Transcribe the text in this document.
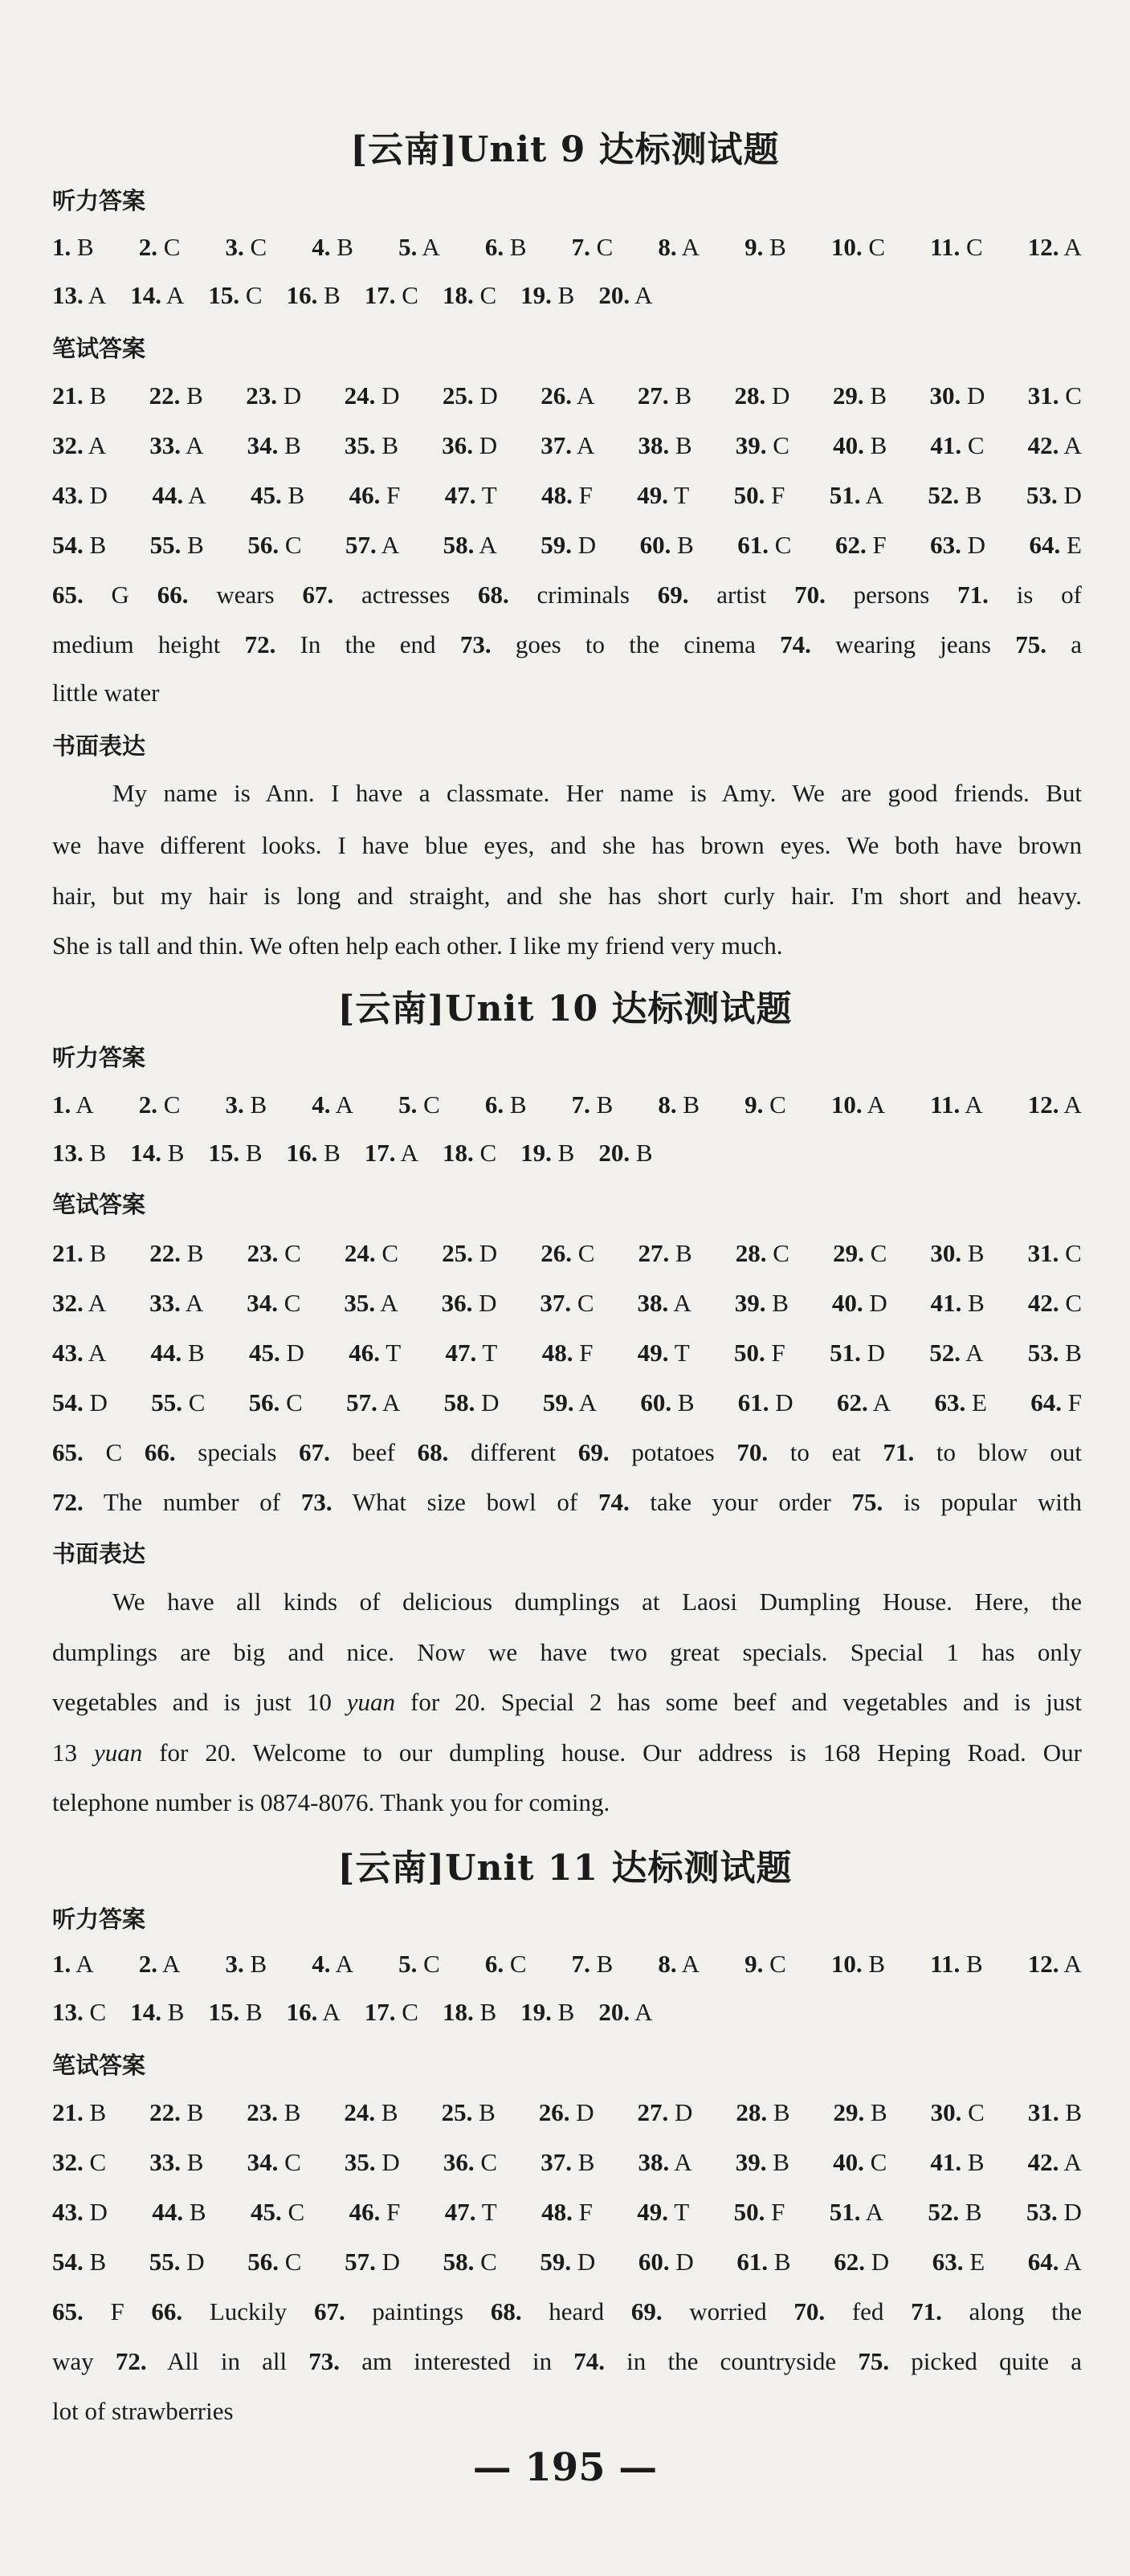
[云南]Unit 9 达标测试题
听力答案
1. B 2. C 3. C 4. B 5. A 6. B 7. C 8. A 9. B 10. C 11. C 12. A
13. A 14. A 15. C 16. B 17. C 18. C 19. B 20. A
笔试答案
21. B 22. B 23. D 24. D 25. D 26. A 27. B 28. D 29. B 30. D 31. C
32. A 33. A 34. B 35. B 36. D 37. A 38. B 39. C 40. B 41. C 42. A
43. D 44. A 45. B 46. F 47. T 48. F 49. T 50. F 51. A 52. B 53. D
54. B 55. B 56. C 57. A 58. A 59. D 60. B 61. C 62. F 63. D 64. E
65. G 66. wears 67. actresses 68. criminals 69. artist 70. persons 71. is of
medium height 72. In the end 73. goes to the cinema 74. wearing jeans 75. a
little water
书面表达
My name is Ann. I have a classmate. Her name is Amy. We are good friends. But
we have different looks. I have blue eyes, and she has brown eyes. We both have brown
hair, but my hair is long and straight, and she has short curly hair. I'm short and heavy.
She is tall and thin. We often help each other. I like my friend very much.
[云南]Unit 10 达标测试题
听力答案
1. A 2. C 3. B 4. A 5. C 6. B 7. B 8. B 9. C 10. A 11. A 12. A
13. B 14. B 15. B 16. B 17. A 18. C 19. B 20. B
笔试答案
21. B 22. B 23. C 24. C 25. D 26. C 27. B 28. C 29. C 30. B 31. C
32. A 33. A 34. C 35. A 36. D 37. C 38. A 39. B 40. D 41. B 42. C
43. A 44. B 45. D 46. T 47. T 48. F 49. T 50. F 51. D 52. A 53. B
54. D 55. C 56. C 57. A 58. D 59. A 60. B 61. D 62. A 63. E 64. F
65. C 66. specials 67. beef 68. different 69. potatoes 70. to eat 71. to blow out
72. The number of 73. What size bowl of 74. take your order 75. is popular with
书面表达
We have all kinds of delicious dumplings at Laosi Dumpling House. Here, the
dumplings are big and nice. Now we have two great specials. Special 1 has only
vegetables and is just 10 yuan for 20. Special 2 has some beef and vegetables and is just
13 yuan for 20. Welcome to our dumpling house. Our address is 168 Heping Road. Our
telephone number is 0874-8076. Thank you for coming.
[云南]Unit 11 达标测试题
听力答案
1. A 2. A 3. B 4. A 5. C 6. C 7. B 8. A 9. C 10. B 11. B 12. A
13. C 14. B 15. B 16. A 17. C 18. B 19. B 20. A
笔试答案
21. B 22. B 23. B 24. B 25. B 26. D 27. D 28. B 29. B 30. C 31. B
32. C 33. B 34. C 35. D 36. C 37. B 38. A 39. B 40. C 41. B 42. A
43. D 44. B 45. C 46. F 47. T 48. F 49. T 50. F 51. A 52. B 53. D
54. B 55. D 56. C 57. D 58. C 59. D 60. D 61. B 62. D 63. E 64. A
65. F 66. Luckily 67. paintings 68. heard 69. worried 70. fed 71. along the
way 72. All in all 73. am interested in 74. in the countryside 75. picked quite a
lot of strawberries
— 195 —
